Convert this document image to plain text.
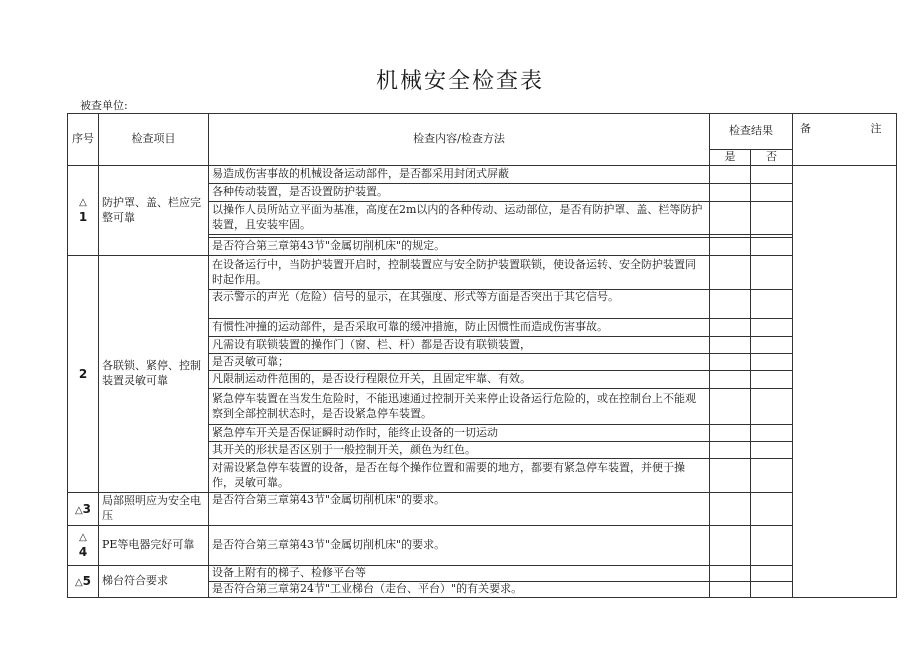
机械安全检查表
被查单位:
序号	检查项目	检查内容/检查方法	检查结果		备 注
			是	否	

△
1	防护罩、盖、栏应完整可靠	易造成伤害事故的机械设备运动部件，是否都采用封闭式屏蔽			
		各种传动装置，是否设置防护装置。			
		以操作人员所站立平面为基准，高度在2m以内的各种传动、运动部位，是否有防护罩、盖、栏等防护装置，且安装牢固。			

		是否符合第三章第43节"金属切削机床"的规定。			

2	各联锁、紧停、控制装置灵敏可靠	在设备运行中，当防护装置开启时，控制装置应与安全防护装置联锁，使设备运转、安全防护装置同时起作用。			
		表示警示的声光（危险）信号的显示，在其强度、形式等方面是否突出于其它信号。			
		有惯性冲撞的运动部件，是否采取可靠的缓冲措施，防止因惯性而造成伤害事故。			
		凡需设有联锁装置的操作门（窗、栏、杆）都是否设有联锁装置，			
		是否灵敏可靠；			
		凡限制运动件范围的，是否设行程限位开关，且固定牢靠、有效。			
		紧急停车装置在当发生危险时，不能迅速通过控制开关来停止设备运行危险的，或在控制台上不能观察到全部控制状态时，是否设紧急停车装置。			
		紧急停车开关是否保证瞬时动作时，能终止设备的一切运动			
		其开关的形状是否区别于一般控制开关，颜色为红色。			
		对需设紧急停车装置的设备，是否在每个操作位置和需要的地方，都要有紧急停车装置，并便于操作，灵敏可靠。			
△3	局部照明应为安全电压	是否符合第三章第43节"金属切削机床"的要求。			

△
4	PE等电器完好可靠	是否符合第三章第43节"金属切削机床"的要求。			
△5	梯台符合要求	设备上附有的梯子、检修平台等			
		是否符合第三章第24节"工业梯台（走台、平台）"的有关要求。			
